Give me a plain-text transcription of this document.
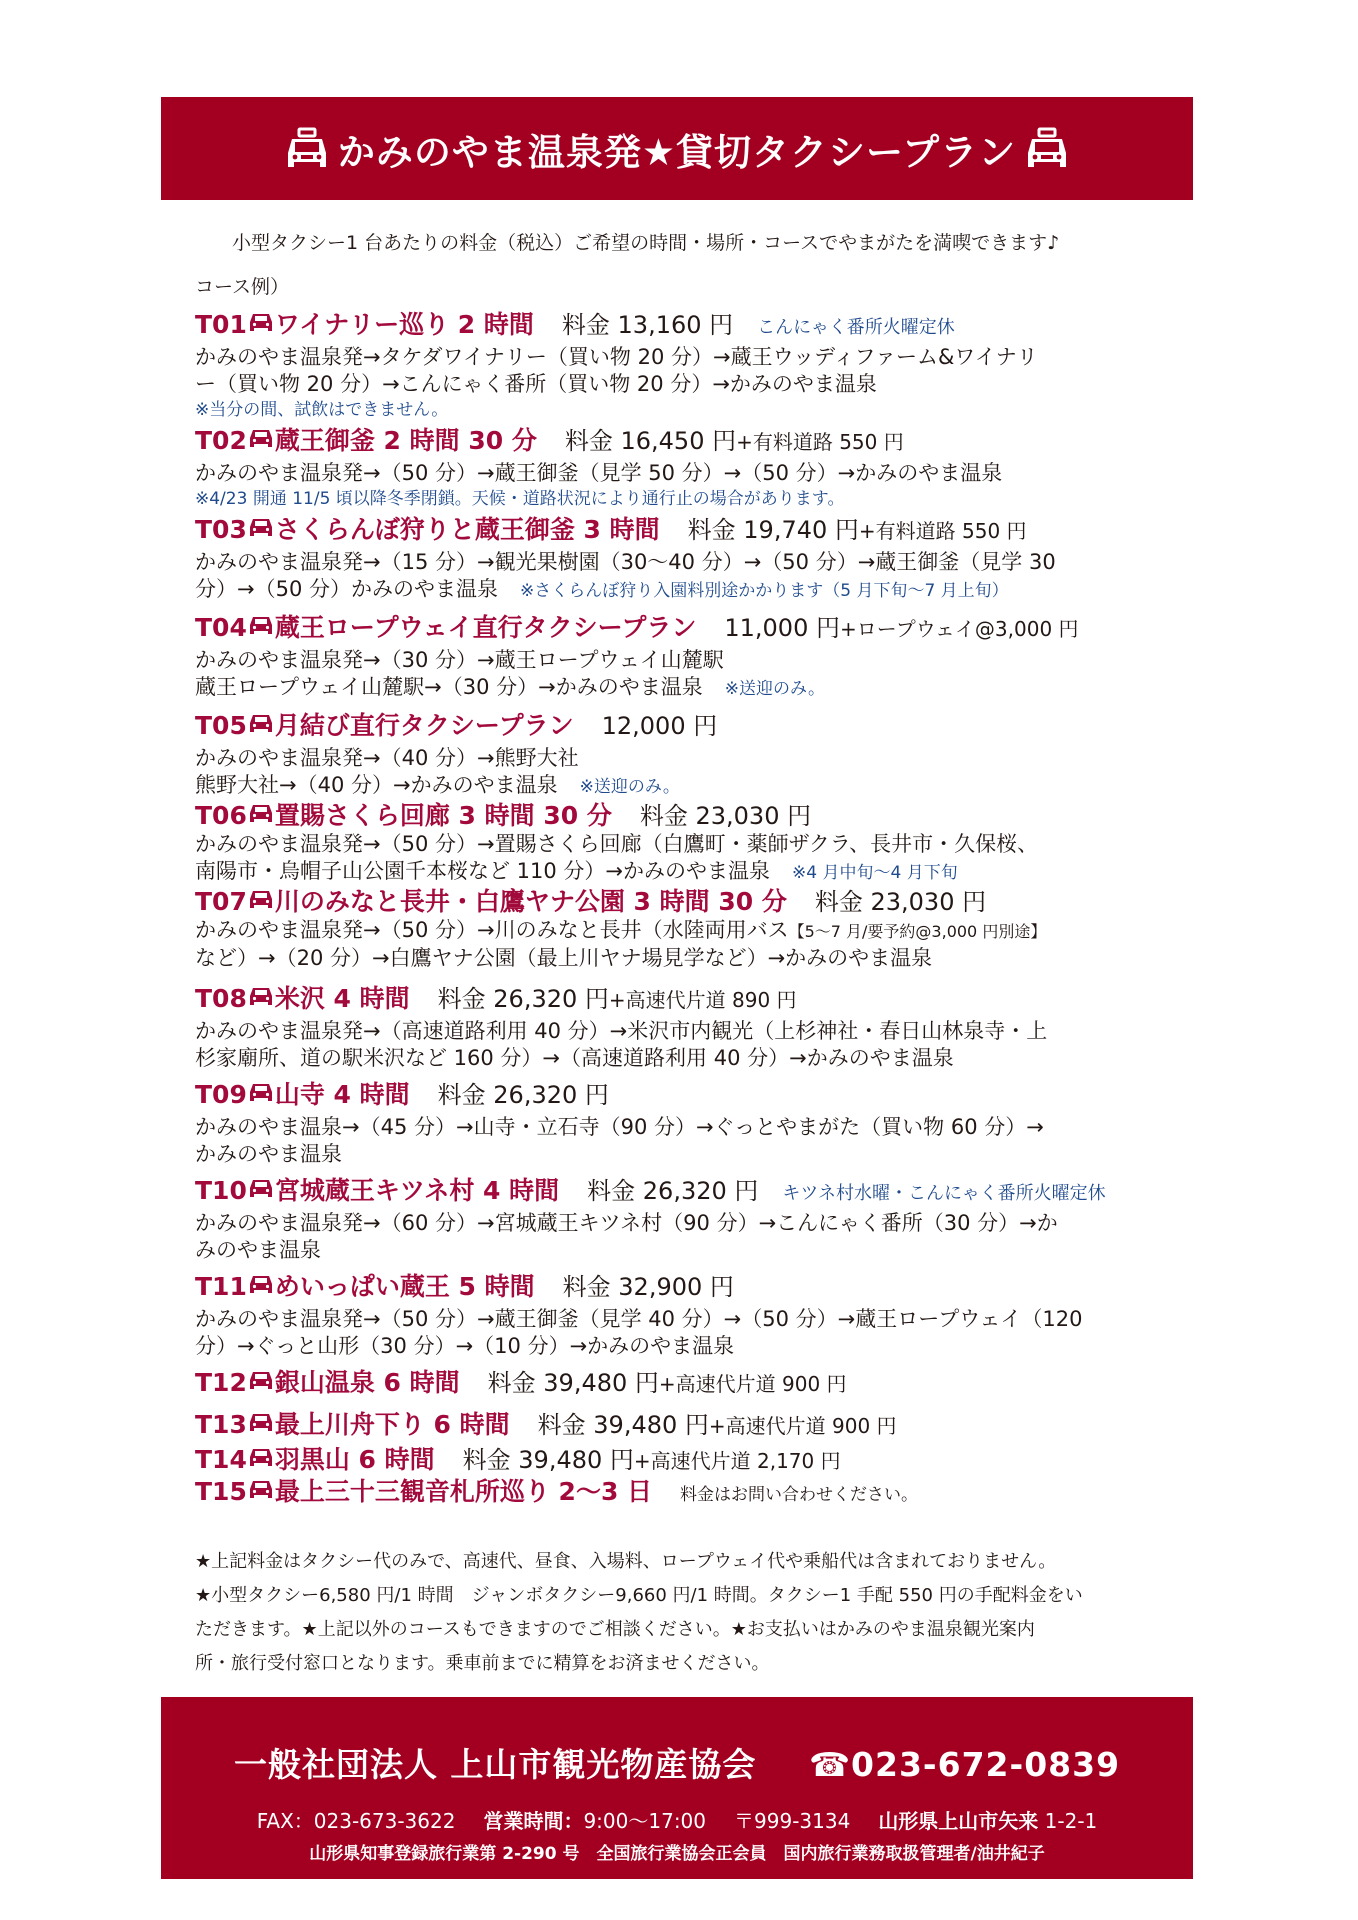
かみのやま温泉発★貸切タクシープラン
小型タクシー1 台あたりの料金（税込）ご希望の時間・場所・コースでやまがたを満喫できます♪
コース例）
T01 ワイナリー巡り 2 時間 料金 13,160 円 こんにゃく番所火曜定休
かみのやま温泉発→タケダワイナリー（買い物 20 分）→蔵王ウッディファーム&ワイナリ
ー（買い物 20 分）→こんにゃく番所（買い物 20 分）→かみのやま温泉
※当分の間、試飲はできません。
T02 蔵王御釜 2 時間 30 分 料金 16,450 円 +有料道路 550 円
かみのやま温泉発→（50 分）→蔵王御釜（見学 50 分）→（50 分）→かみのやま温泉
※4/23 開通 11/5 頃以降冬季閉鎖。天候・道路状況により通行止の場合があります。
T03 さくらんぼ狩りと蔵王御釜 3 時間 料金 19,740 円 +有料道路 550 円
かみのやま温泉発→（15 分）→観光果樹園（30～40 分）→（50 分）→蔵王御釜（見学 30
分）→（50 分）かみのやま温泉 ※さくらんぼ狩り入園料別途かかります（5 月下旬～7 月上旬）
T04 蔵王ロープウェイ直行タクシープラン 11,000 円 +ロープウェイ@3,000 円
かみのやま温泉発→（30 分）→蔵王ロープウェイ山麓駅
蔵王ロープウェイ山麓駅→（30 分）→かみのやま温泉 ※送迎のみ。
T05 月結び直行タクシープラン 12,000 円
かみのやま温泉発→（40 分）→熊野大社
熊野大社→（40 分）→かみのやま温泉 ※送迎のみ。
T06 置賜さくら回廊 3 時間 30 分 料金 23,030 円
かみのやま温泉発→（50 分）→置賜さくら回廊（白鷹町・薬師ザクラ、長井市・久保桜、
南陽市・烏帽子山公園千本桜など 110 分）→かみのやま温泉 ※4 月中旬～4 月下旬
T07 川のみなと長井・白鷹ヤナ公園 3 時間 30 分 料金 23,030 円
かみのやま温泉発→（50 分）→川のみなと長井（水陸両用バス【5～7 月/要予約@3,000 円別途】
など）→（20 分）→白鷹ヤナ公園（最上川ヤナ場見学など）→かみのやま温泉
T08 米沢 4 時間 料金 26,320 円 +高速代片道 890 円
かみのやま温泉発→（高速道路利用 40 分）→米沢市内観光（上杉神社・春日山林泉寺・上
杉家廟所、道の駅米沢など 160 分）→（高速道路利用 40 分）→かみのやま温泉
T09 山寺 4 時間 料金 26,320 円
かみのやま温泉→（45 分）→山寺・立石寺（90 分）→ぐっとやまがた（買い物 60 分）→
かみのやま温泉
T10 宮城蔵王キツネ村 4 時間 料金 26,320 円 キツネ村水曜・こんにゃく番所火曜定休
かみのやま温泉発→（60 分）→宮城蔵王キツネ村（90 分）→こんにゃく番所（30 分）→か
みのやま温泉
T11 めいっぱい蔵王 5 時間 料金 32,900 円
かみのやま温泉発→（50 分）→蔵王御釜（見学 40 分）→（50 分）→蔵王ロープウェイ（120
分）→ぐっと山形（30 分）→（10 分）→かみのやま温泉
T12 銀山温泉 6 時間 料金 39,480 円 +高速代片道 900 円
T13 最上川舟下り 6 時間 料金 39,480 円 +高速代片道 900 円
T14 羽黒山 6 時間 料金 39,480 円 +高速代片道 2,170 円
T15 最上三十三観音札所巡り 2～3 日 料金はお問い合わせください。
★上記料金はタクシー代のみで、高速代、昼食、入場料、ロープウェイ代や乗船代は含まれておりません。
★小型タクシー6,580 円/1 時間　ジャンボタクシー9,660 円/1 時間。タクシー1 手配 550 円の手配料金をい
ただきます。★上記以外のコースもできますのでご相談ください。★お支払いはかみのやま温泉観光案内
所・旅行受付窓口となります。乗車前までに精算をお済ませください。
一般社団法人 上山市観光物産協会 ☎023-672-0839
FAX：023-673-3622 営業時間：9:00～17:00 〒999-3134 山形県上山市矢来 1-2-1
山形県知事登録旅行業第 2-290 号　全国旅行業協会正会員　国内旅行業務取扱管理者/油井紀子
